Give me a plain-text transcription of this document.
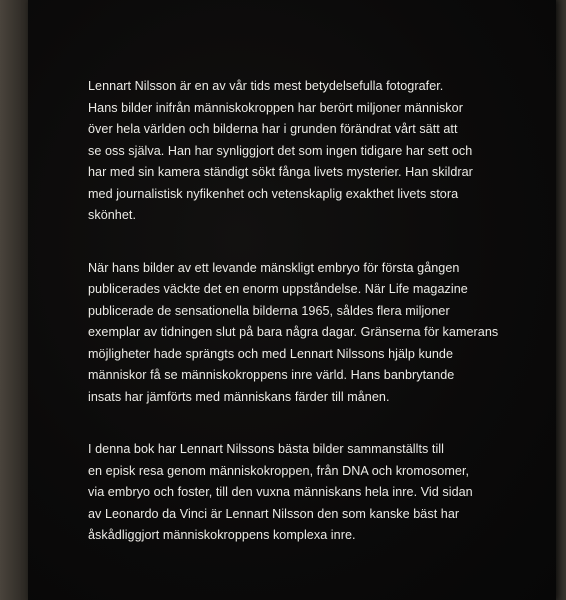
Lennart Nilsson är en av vår tids mest betydelsefulla fotografer.
Hans bilder inifrån människokroppen har berört miljoner människor
över hela världen och bilderna har i grunden förändrat vårt sätt att
se oss själva. Han har synliggjort det som ingen tidigare har sett och
har med sin kamera ständigt sökt fånga livets mysterier. Han skildrar
med journalistisk nyfikenhet och vetenskaplig exakthet livets stora
skönhet.

När hans bilder av ett levande mänskligt embryo för första gången
publicerades väckte det en enorm uppståndelse. När Life magazine
publicerade de sensationella bilderna 1965, såldes flera miljoner
exemplar av tidningen slut på bara några dagar. Gränserna för kamerans
möjligheter hade sprängts och med Lennart Nilssons hjälp kunde
människor få se människokroppens inre värld. Hans banbrytande
insats har jämförts med människans färder till månen.

I denna bok har Lennart Nilssons bästa bilder sammanställts till
en episk resa genom människokroppen, från DNA och kromosomer,
via embryo och foster, till den vuxna människans hela inre. Vid sidan
av Leonardo da Vinci är Lennart Nilsson den som kanske bäst har
åskådliggjort människokroppens komplexa inre.
